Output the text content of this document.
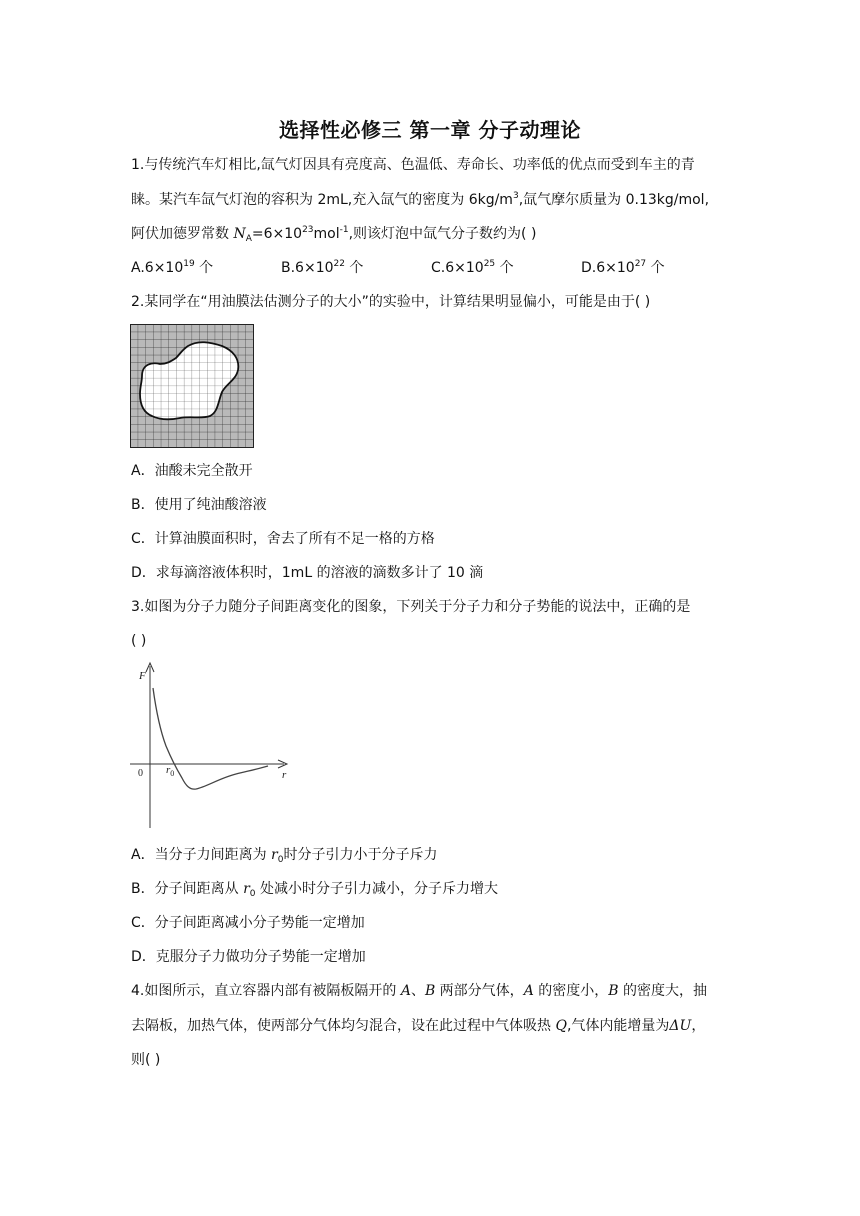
选择性必修三 第一章 分子动理论
1.与传统汽车灯相比,氙气灯因具有亮度高、色温低、寿命长、功率低的优点而受到车主的青
睐。某汽车氙气灯泡的容积为 2mL,充入氙气的密度为 $6kg/m^3$,氙气摩尔质量为 0.13kg/mol,
阿伏加德罗常数 $N_A=6\times 10^{23}mol^{-1}$,则该灯泡中氙气分子数约为( )
$A.6\times 10^{19}$ 个	$B.6\times 10^{22}$ 个	$C.6\times 10^{25}$ 个	$D.6\times 10^{27}$ 个
2.某同学在“用油膜法估测分子的大小”的实验中，计算结果明显偏小，可能是由于( )
A．油酸未完全散开
B．使用了纯油酸溶液
C．计算油膜面积时，舍去了所有不足一格的方格
D．求每滴溶液体积时，1mL 的溶液的滴数多计了 10 滴
3.如图为分子力随分子间距离变化的图象，下列关于分子力和分子势能的说法中，正确的是
( )
F
r
0 $r_0$
A．当分子力间距离为 $r_0$时分子引力小于分子斥力
B．分子间距离从 $r_0$ 处减小时分子引力减小，分子斥力增大
C．分子间距离减小分子势能一定增加
D．克服分子力做功分子势能一定增加
4.如图所示，直立容器内部有被隔板隔开的 A、B 两部分气体，A 的密度小，B 的密度大，抽
去隔板，加热气体，使两部分气体均匀混合，设在此过程中气体吸热 Q,气体内能增量为ΔU，
则( )
